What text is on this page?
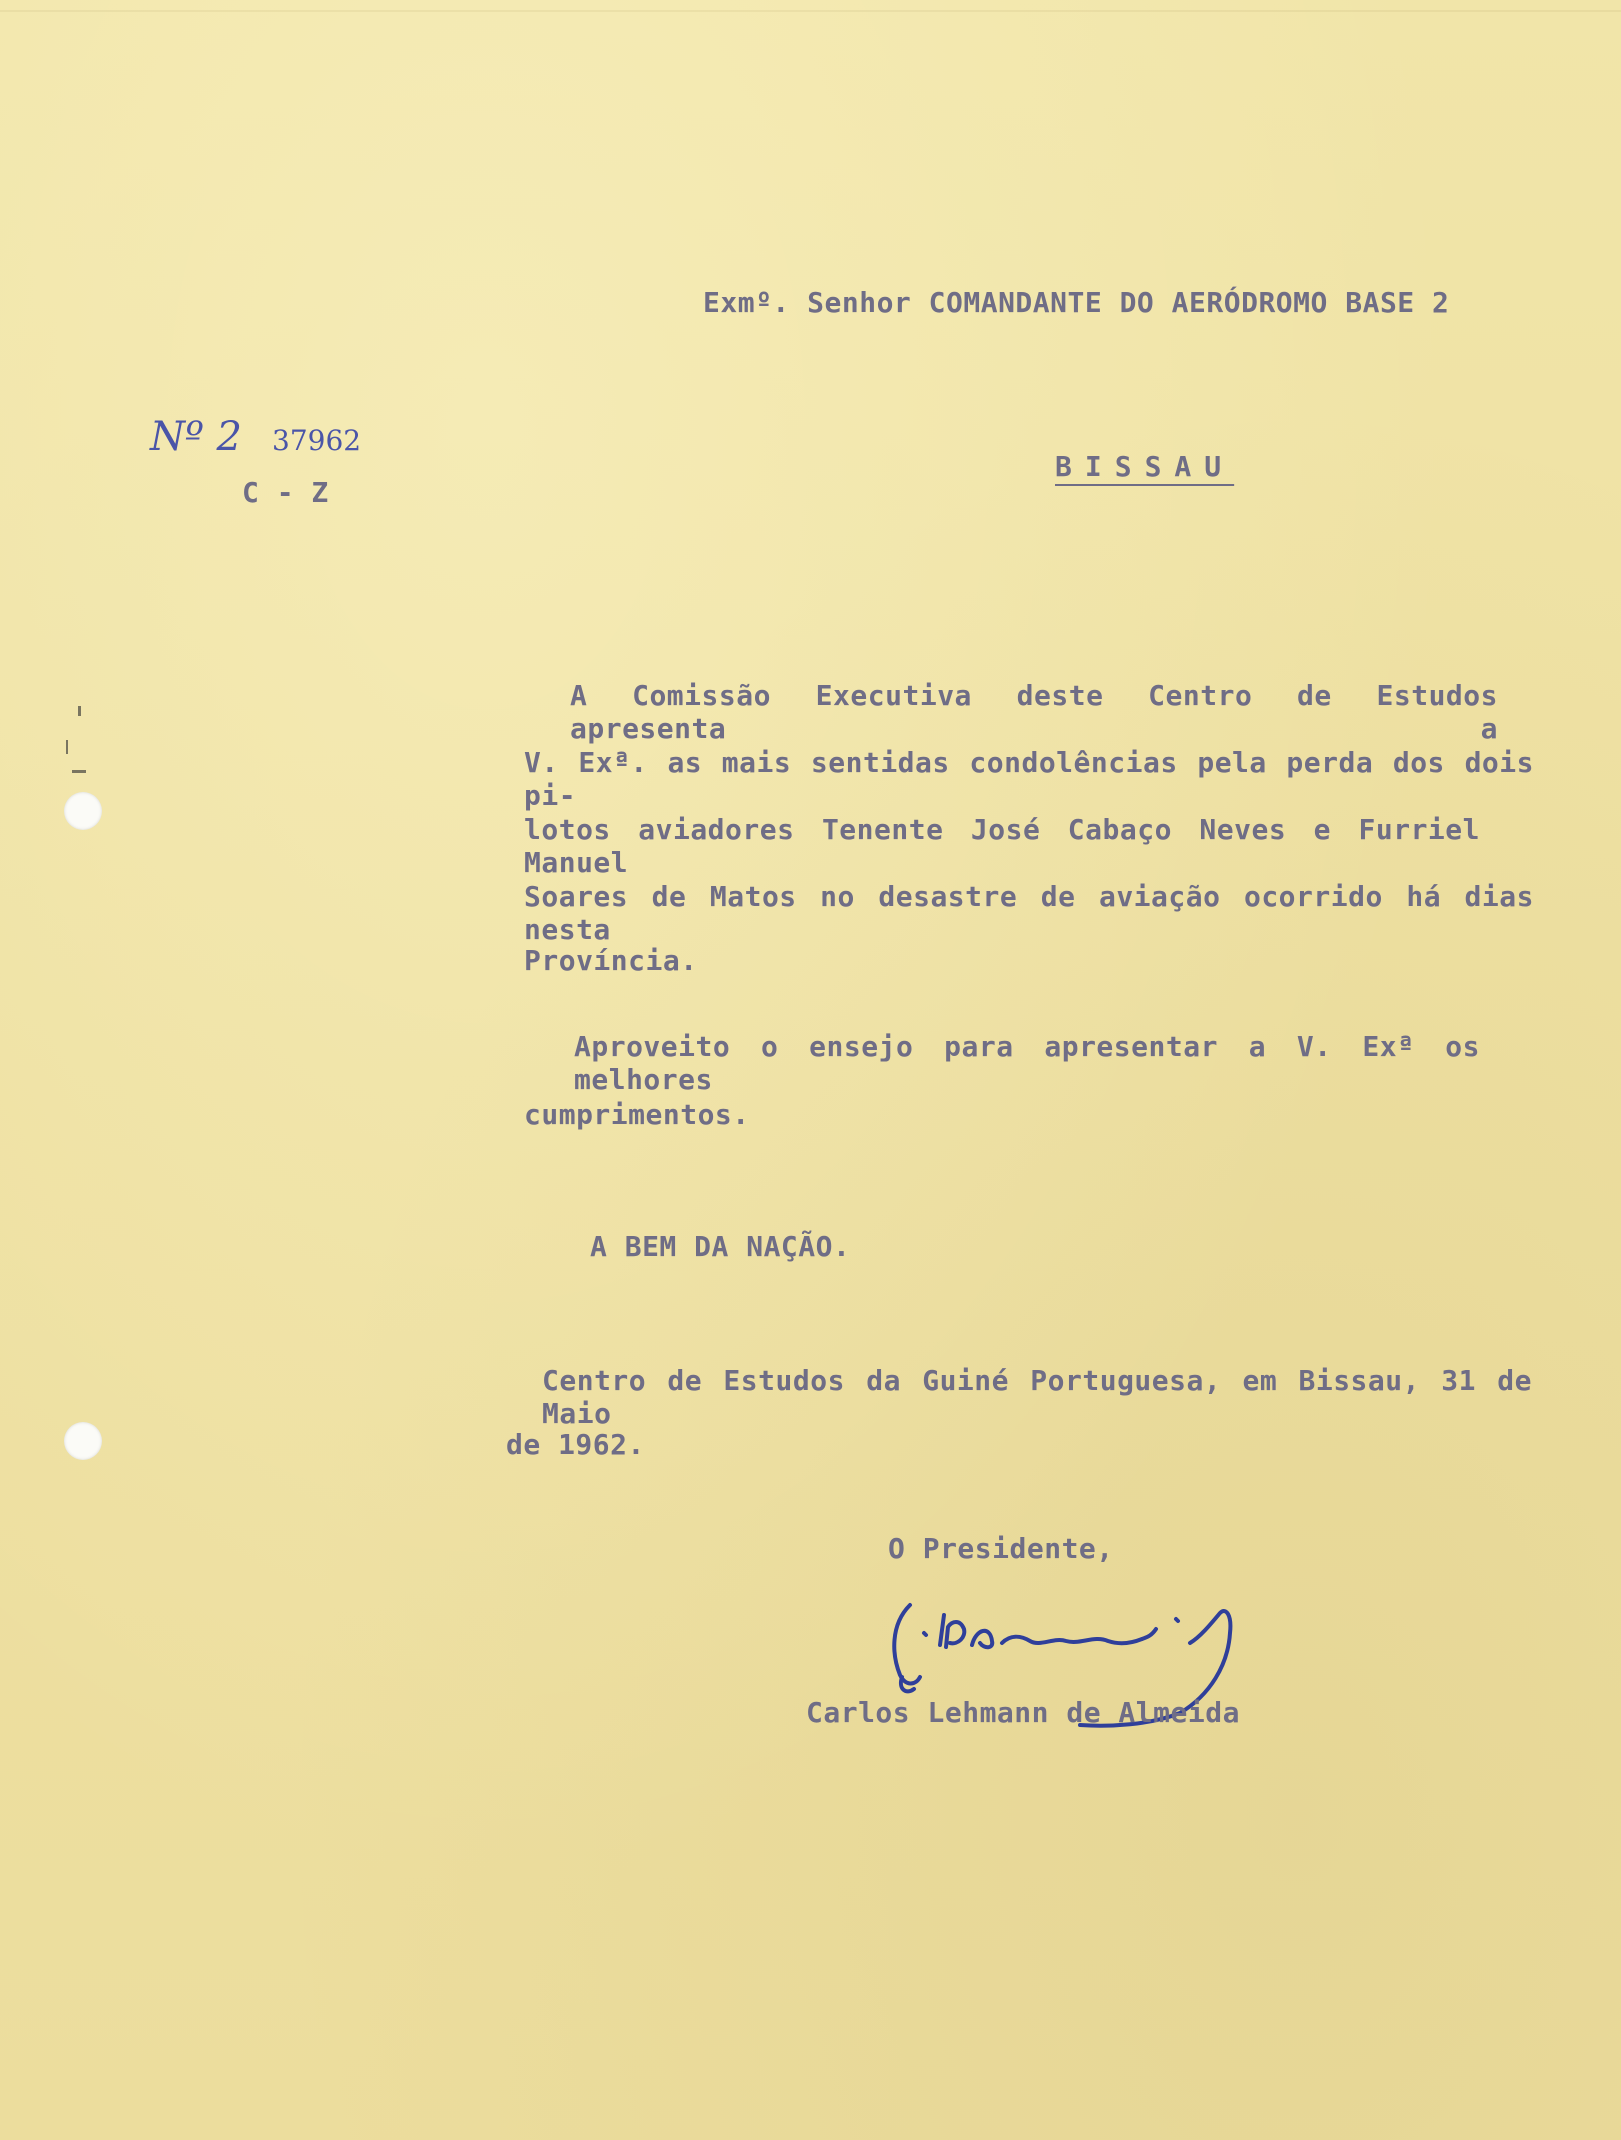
Exmº. Senhor COMANDANTE DO AERÓDROMO BASE 2
Nº 2 37962
C - Z
BISSAU
A Comissão Executiva deste Centro de Estudos apresenta a
V. Exª. as mais sentidas condolências pela perda dos dois pi-
lotos aviadores Tenente José Cabaço Neves e Furriel Manuel
Soares de Matos no desastre de aviação ocorrido há dias nesta
Província.
Aproveito o ensejo para apresentar a V. Exª os melhores
cumprimentos.
A BEM DA NAÇÃO.
Centro de Estudos da Guiné Portuguesa, em Bissau, 31 de Maio
de 1962.
O Presidente,
Carlos Lehmann de Almeida
